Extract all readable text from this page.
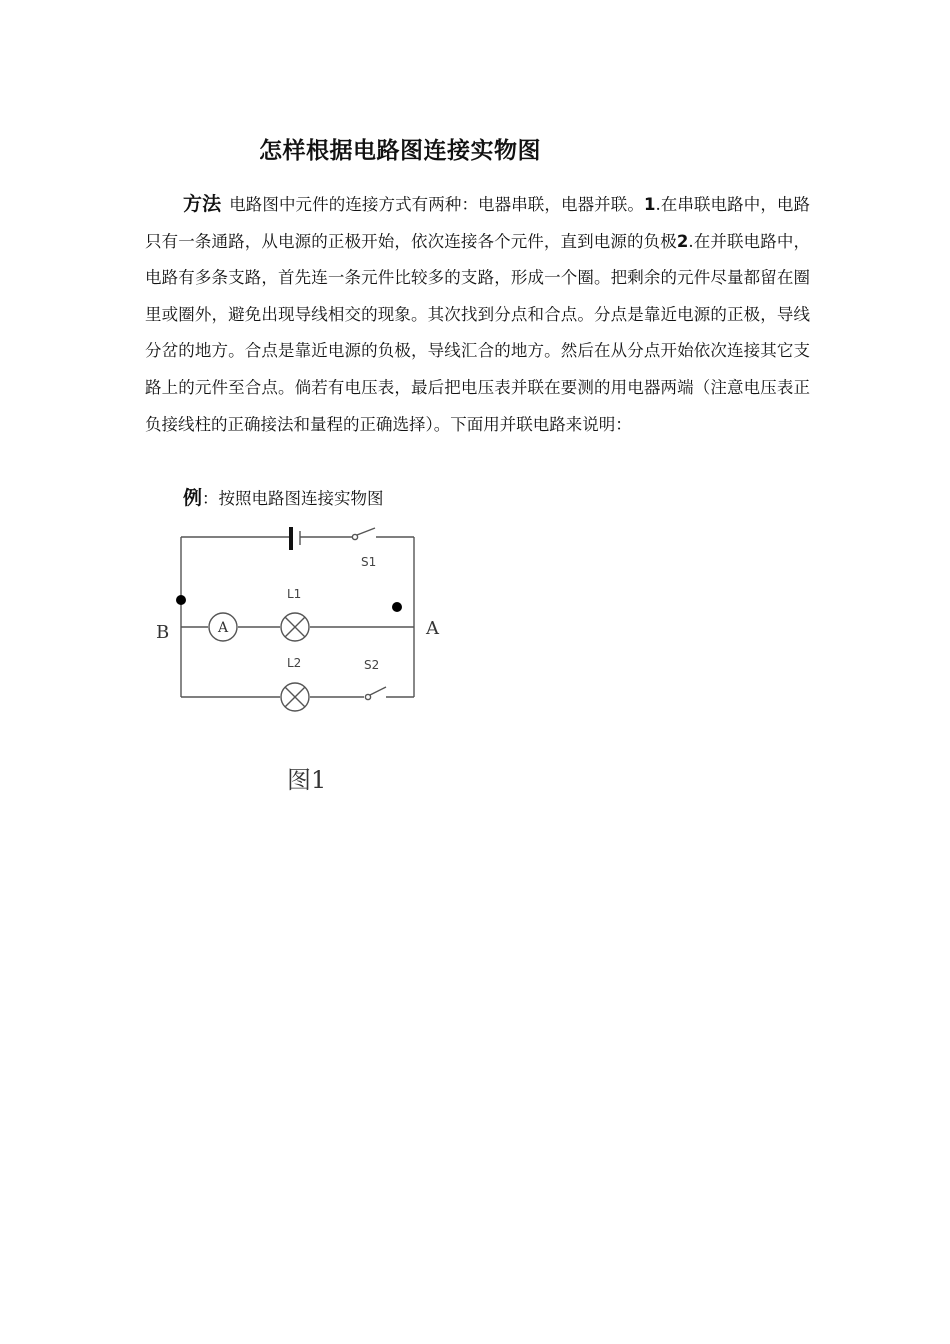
怎样根据电路图连接实物图
方法 电路图中元件的连接方式有两种：电器串联，电器并联。1.在串联电路中，电路只有一条通路，从电源的正极开始，依次连接各个元件，直到电源的负极2.在并联电路中，电路有多条支路，首先连一条元件比较多的支路，形成一个圈。把剩余的元件尽量都留在圈里或圈外，避免出现导线相交的现象。其次找到分点和合点。分点是靠近电源的正极，导线分岔的地方。合点是靠近电源的负极，导线汇合的地方。然后在从分点开始依次连接其它支路上的元件至合点。倘若有电压表，最后把电压表并联在要测的用电器两端（注意电压表正负接线柱的正确接法和量程的正确选择）。下面用并联电路来说明：
例：按照电路图连接实物图
S1
A
L1
L2	S2
B	A
图1
